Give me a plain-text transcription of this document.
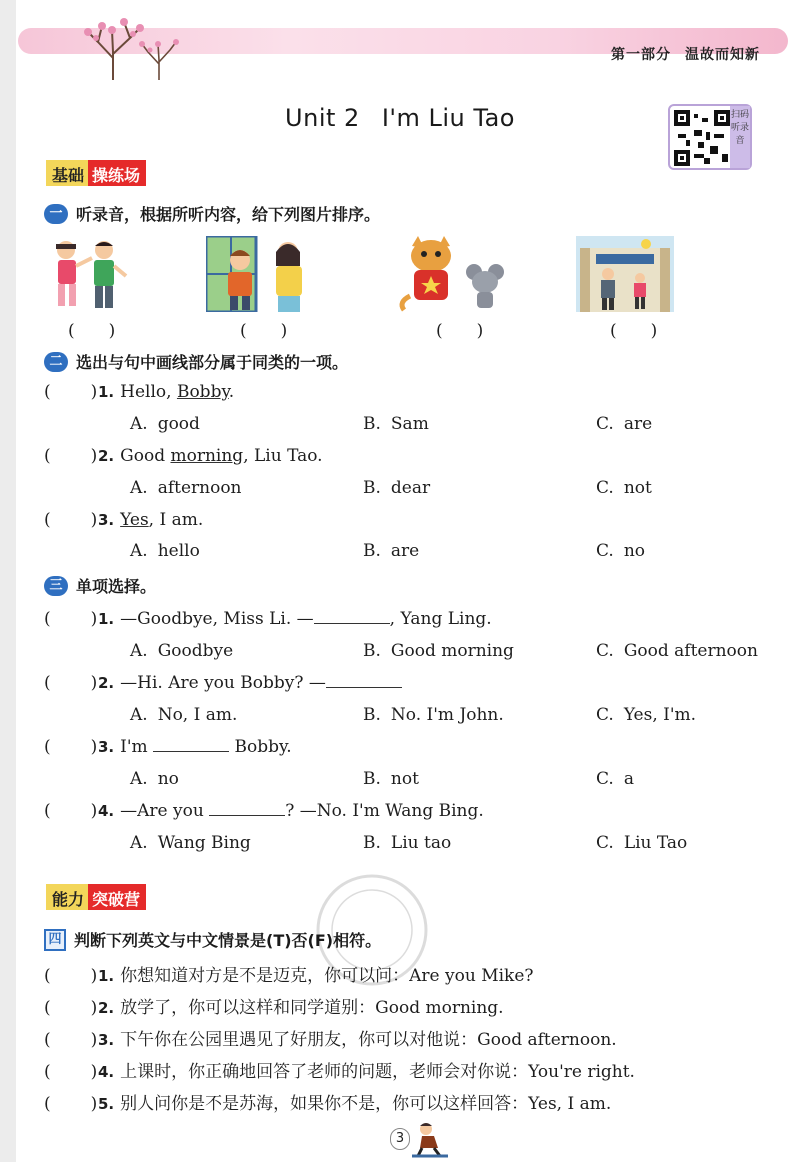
第一部分 温故而知新
Unit 2 I'm Liu Tao	扫码听录音
基础 操练场
一 听录音，根据所听内容，给下列图片排序。
(　　)	(　　)	(　　)	(　　)
二 选出与句中画线部分属于同类的一项。
( )1. Hello, Bobby.
A. good	B. Sam	C. are
( )2. Good morning, Liu Tao.
A. afternoon	B. dear	C. not
( )3. Yes, I am.
A. hello	B. are	C. no
三 单项选择。
( )1. —Goodbye, Miss Li. —	, Yang Ling.
A. Goodbye	B. Good morning	C. Good afternoon
( )2. —Hi. Are you Bobby? —
A. No, I am.	B. No. I'm John.	C. Yes, I'm.
( )3. I'm	Bobby.
A. no	B. not	C. a
( )4. —Are you	? —No. I'm Wang Bing.
A. Wang Bing	B. Liu tao	C. Liu Tao
能力 突破营
四 判断下列英文与中文情景是(T)否(F)相符。
( )1. 你想知道对方是不是迈克，你可以问：Are you Mike?
( )2. 放学了，你可以这样和同学道别：Good morning.
( )3. 下午你在公园里遇见了好朋友，你可以对他说：Good afternoon.
( )4. 上课时，你正确地回答了老师的问题，老师会对你说：You're right.
( )5. 别人问你是不是苏海，如果你不是，你可以这样回答：Yes, I am.
3
